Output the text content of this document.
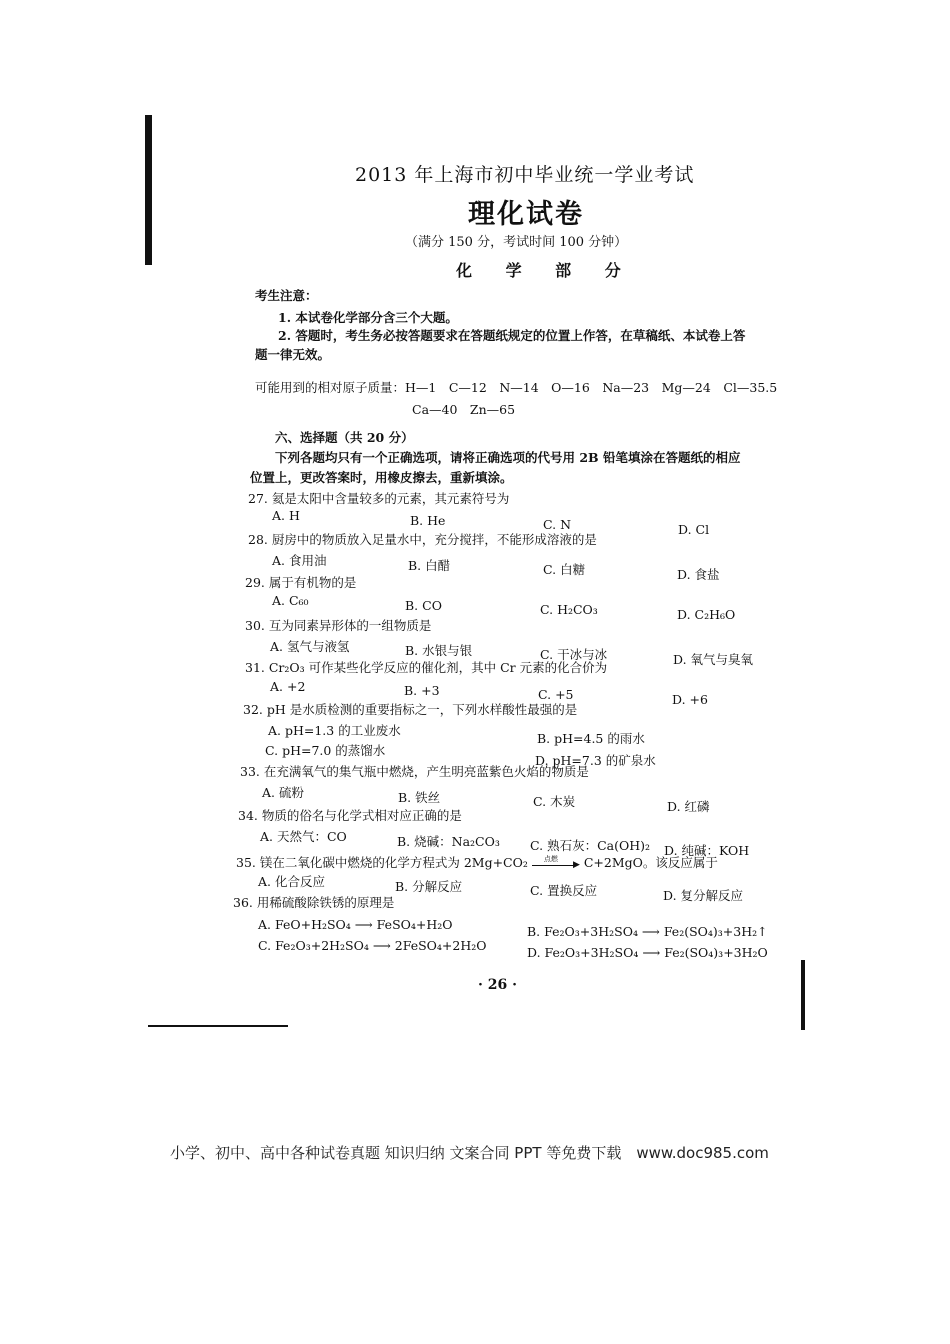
2013 年上海市初中毕业统一学业考试
理化试卷
（满分 150 分，考试时间 100 分钟）
化 学 部 分
考生注意：
1. 本试卷化学部分含三个大题。
2. 答题时，考生务必按答题要求在答题纸规定的位置上作答，在草稿纸、本试卷上答
题一律无效。
可能用到的相对原子质量：H—1　C—12　N—14　O—16　Na—23　Mg—24　Cl—35.5
Ca—40　Zn—65
六、选择题（共 20 分）
下列各题均只有一个正确选项，请将正确选项的代号用 2B 铅笔填涂在答题纸的相应
位置上，更改答案时，用橡皮擦去，重新填涂。
27. 氦是太阳中含量较多的元素，其元素符号为
A. H	B. He	C. N	D. Cl
28. 厨房中的物质放入足量水中，充分搅拌，不能形成溶液的是
A. 食用油	B. 白醋	C. 白糖	D. 食盐
29. 属于有机物的是
A. C₆₀	B. CO	C. H₂CO₃	D. C₂H₆O
30. 互为同素异形体的一组物质是
A. 氢气与液氢	B. 水银与银	C. 干冰与冰	D. 氧气与臭氧
31. Cr₂O₃ 可作某些化学反应的催化剂，其中 Cr 元素的化合价为
A. +2	B. +3	C. +5	D. +6
32. pH 是水质检测的重要指标之一，下列水样酸性最强的是
A. pH=1.3 的工业废水
B. pH=4.5 的雨水
C. pH=7.0 的蒸馏水
D. pH=7.3 的矿泉水
33. 在充满氧气的集气瓶中燃烧，产生明亮蓝紫色火焰的物质是
A. 硫粉	B. 铁丝	C. 木炭	D. 红磷
34. 物质的俗名与化学式相对应正确的是
A. 天然气：CO	B. 烧碱：Na₂CO₃ C. 熟石灰：Ca(OH)₂ D. 纯碱：KOH
35. 镁在二氧化碳中燃烧的化学方程式为 2Mg+CO₂ 点燃
▶ C+2MgO。该反应属于
A. 化合反应	B. 分解反应	C. 置换反应	D. 复分解反应
36. 用稀硫酸除铁锈的原理是
A. FeO+H₂SO₄ ⟶ FeSO₄+H₂O	B. Fe₂O₃+3H₂SO₄ ⟶ Fe₂(SO₄)₃+3H₂↑
C. Fe₂O₃+2H₂SO₄ ⟶ 2FeSO₄+2H₂O	D. Fe₂O₃+3H₂SO₄ ⟶ Fe₂(SO₄)₃+3H₂O
· 26 ·
小学、初中、高中各种试卷真题 知识归纳 文案合同 PPT 等免费下载　www.doc985.com
